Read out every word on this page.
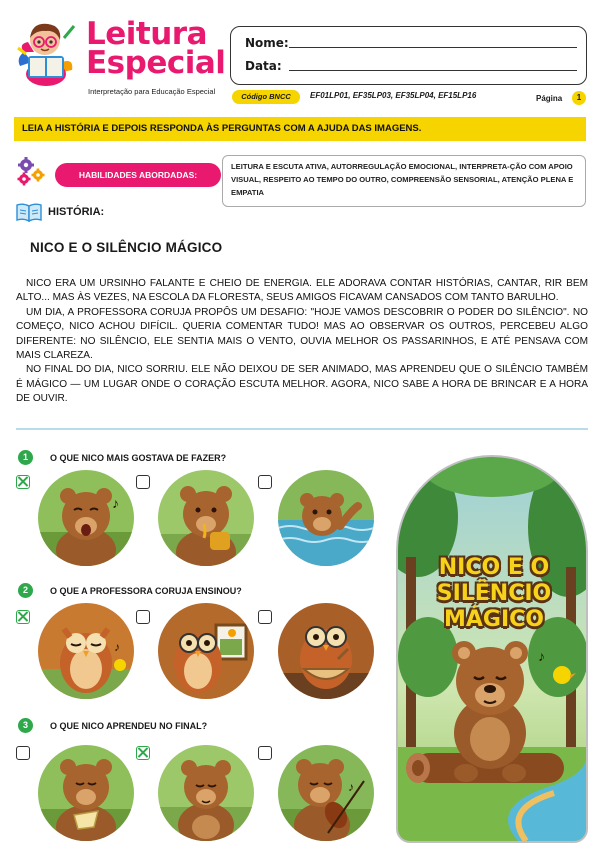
Leitura
Especial
Interpretação para Educação Especial
Nome:
Data:
Código BNCC	EF01LP01, EF35LP03, EF35LP04, EF15LP16	Página	1
LEIA A HISTÓRIA E DEPOIS RESPONDA ÀS PERGUNTAS COM A AJUDA DAS IMAGENS.
HABILIDADES ABORDADAS:
LEITURA E ESCUTA ATIVA, AUTORREGULAÇÃO EMOCIONAL, INTERPRETA-ÇÃO COM APOIO VISUAL, RESPEITO AO TEMPO DO OUTRO, COMPREENSÃO SENSORIAL, ATENÇÃO PLENA E EMPATIA
HISTÓRIA:
NICO E O SILÊNCIO MÁGICO

NICO ERA UM URSINHO FALANTE E CHEIO DE ENERGIA. ELE ADORAVA CONTAR HISTÓRIAS, CANTAR, RIR BEM ALTO... MAS ÀS VEZES, NA ESCOLA DA FLORESTA, SEUS AMIGOS FICAVAM CANSADOS COM TANTO BARULHO.

UM DIA, A PROFESSORA CORUJA PROPÔS UM DESAFIO: "HOJE VAMOS DESCOBRIR O PODER DO SILÊNCIO". NO COMEÇO, NICO ACHOU DIFÍCIL. QUERIA COMENTAR TUDO! MAS AO OBSERVAR OS OUTROS, PERCEBEU ALGO DIFERENTE: NO SILÊNCIO, ELE SENTIA MAIS O VENTO, OUVIA MELHOR OS PASSARINHOS, E ATÉ PENSAVA COM MAIS CLAREZA.

NO FINAL DO DIA, NICO SORRIU. ELE NÃO DEIXOU DE SER ANIMADO, MAS APRENDEU QUE O SILÊNCIO TAMBÉM É MÁGICO — UM LUGAR ONDE O CORAÇÃO ESCUTA MELHOR. AGORA, NICO SABE A HORA DE BRINCAR E A HORA DE OUVIR.

1	O QUE NICO MAIS GOSTAVA DE FAZER?
♪
2	O QUE A PROFESSORA CORUJA ENSINOU?
♪
3	O QUE NICO APRENDEU NO FINAL?
♪
♪
NICO E O
SILÊNCIO
MÁGICO
